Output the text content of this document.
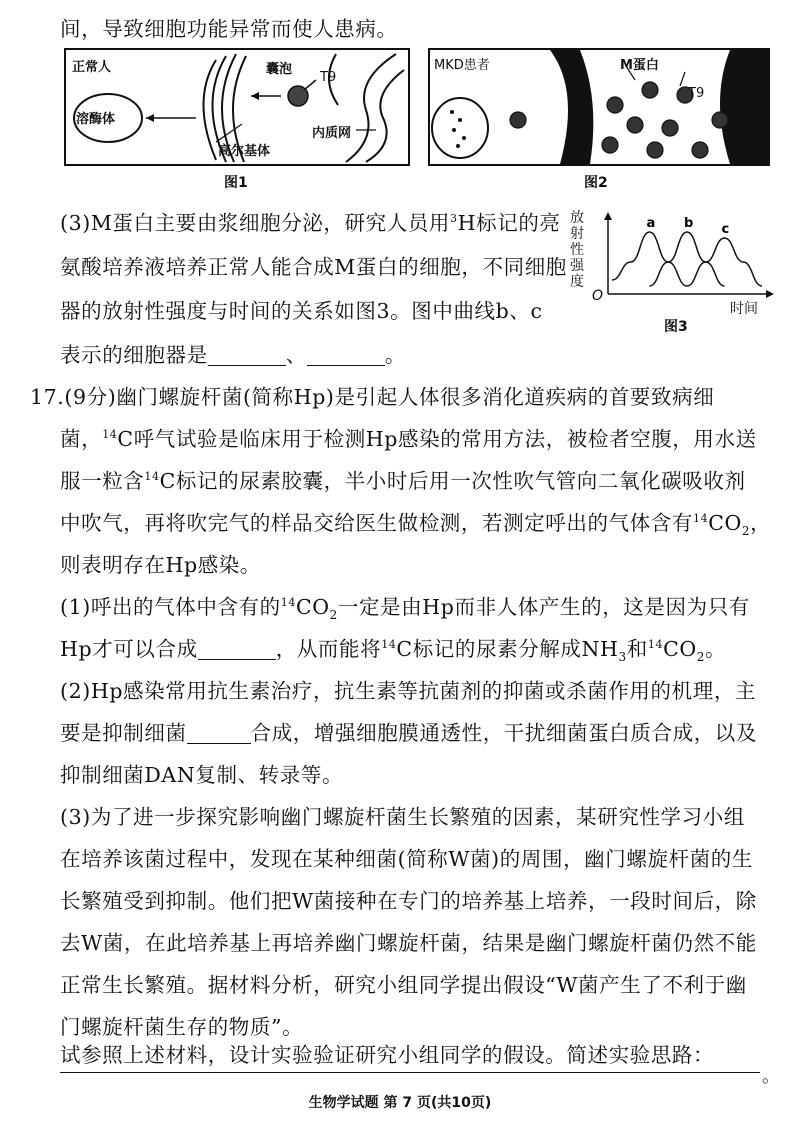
间，导致细胞功能异常而使人患病。
正常人
溶酶体
囊泡
T9
高尔基体
内质网
图1
MKD患者	M蛋白
T9
图2
(3)M蛋白主要由浆细胞分泌，研究人员用$^3$H标记的亮
氨酸培养液培养正常人能合成M蛋白的细胞，不同细胞
器的放射性强度与时间的关系如图3。图中曲线b、c
表示的细胞器是	、	。
放射性强度
O
时间
a b c
图3
17.(9分)幽门螺旋杆菌(简称Hp)是引起人体很多消化道疾病的首要致病细
菌，$^{14}$C呼气试验是临床用于检测Hp感染的常用方法，被检者空腹，用水送
服一粒含$^{14}$C标记的尿素胶囊，半小时后用一次性吹气管向二氧化碳吸收剂
中吹气，再将吹完气的样品交给医生做检测，若测定呼出的气体含有$^{14}CO_2$，
则表明存在Hp感染。
(1)呼出的气体中含有的$^{14}CO_2$一定是由Hp而非人体产生的，这是因为只有
Hp才可以合成	，从而能将$^{14}$C标记的尿素分解成$NH_3$和$^{14}CO_2$。
(2)Hp感染常用抗生素治疗，抗生素等抗菌剂的抑菌或杀菌作用的机理，主
要是抑制细菌	合成，增强细胞膜通透性，干扰细菌蛋白质合成，以及
抑制细菌DAN复制、转录等。
(3)为了进一步探究影响幽门螺旋杆菌生长繁殖的因素，某研究性学习小组
在培养该菌过程中，发现在某种细菌(简称W菌)的周围，幽门螺旋杆菌的生
长繁殖受到抑制。他们把W菌接种在专门的培养基上培养，一段时间后，除
去W菌，在此培养基上再培养幽门螺旋杆菌，结果是幽门螺旋杆菌仍然不能
正常生长繁殖。据材料分析，研究小组同学提出假设“W菌产生了不利于幽
门螺旋杆菌生存的物质”。
。
生物学试题 第 7 页(共10页)
试参照上述材料，设计实验验证研究小组同学的假设。简述实验思路：
